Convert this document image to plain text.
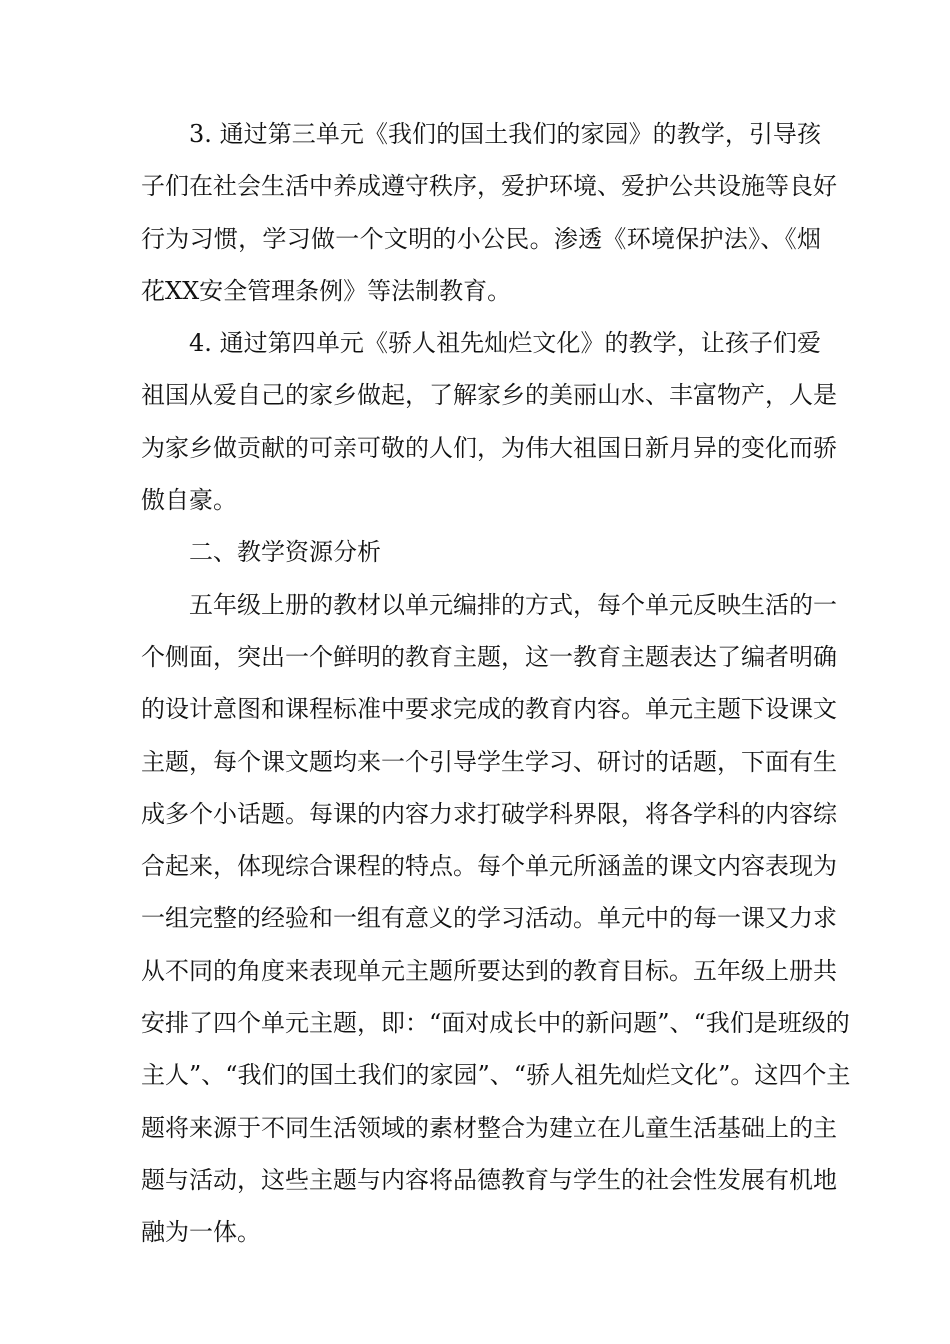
3. 通过第三单元《我们的国土我们的家园》的教学，引导孩
子们在社会生活中养成遵守秩序，爱护环境、爱护公共设施等良好
行为习惯，学习做一个文明的小公民。渗透《环境保护法》、《烟
花XX安全管理条例》等法制教育。

4. 通过第四单元《骄人祖先灿烂文化》的教学，让孩子们爱
祖国从爱自己的家乡做起，了解家乡的美丽山水、丰富物产，人是
为家乡做贡献的可亲可敬的人们，为伟大祖国日新月异的变化而骄
傲自豪。

二、教学资源分析

五年级上册的教材以单元编排的方式，每个单元反映生活的一
个侧面，突出一个鲜明的教育主题，这一教育主题表达了编者明确
的设计意图和课程标准中要求完成的教育内容。单元主题下设课文
主题，每个课文题均来一个引导学生学习、研讨的话题，下面有生
成多个小话题。每课的内容力求打破学科界限，将各学科的内容综
合起来，体现综合课程的特点。每个单元所涵盖的课文内容表现为
一组完整的经验和一组有意义的学习活动。单元中的每一课又力求
从不同的角度来表现单元主题所要达到的教育目标。五年级上册共
安排了四个单元主题，即：“面对成长中的新问题”、“我们是班级的
主人”、“我们的国土我们的家园”、“骄人祖先灿烂文化”。这四个主
题将来源于不同生活领域的素材整合为建立在儿童生活基础上的主
题与活动，这些主题与内容将品德教育与学生的社会性发展有机地
融为一体。
